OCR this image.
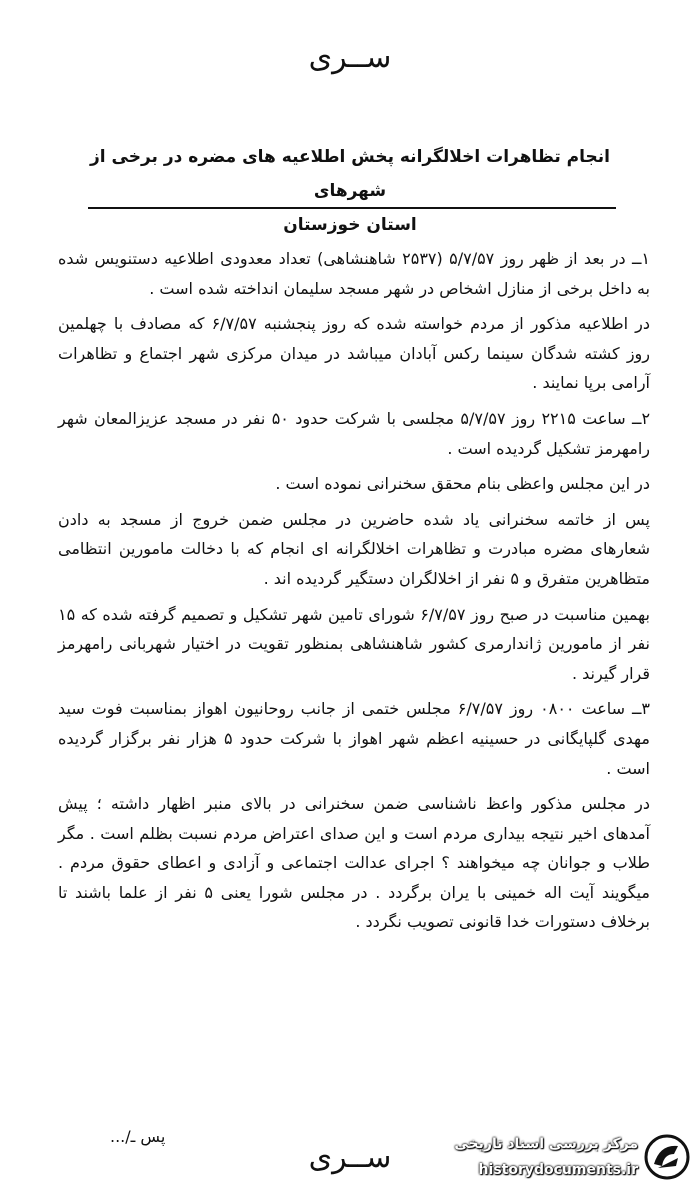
ســری
انجام تظاهرات اخلالگرانه پخش اطلاعیه های مضره در برخی از شهرهای
استان خوزستان

۱ــ در بعد از ظهر روز ۵/۷/۵۷ (۲۵۳۷ شاهنشاهی) تعداد معدودی اطلاعیه دستنویس شده به داخل برخی از منازل اشخاص در شهر مسجد سلیمان انداخته شده است .

در اطلاعیه مذکور از مردم خواسته شده که روز پنجشنبه ۶/۷/۵۷ که مصادف با چهلمین روز کشته شدگان سینما رکس آبادان میباشد در میدان مرکزی شهر اجتماع و تظاهرات آرامی برپا نمایند .

۲ــ ساعت ۲۲۱۵ روز ۵/۷/۵۷ مجلسی با شرکت حدود ۵۰ نفر در مسجد عزیزالمعان شهر رامهرمز تشکیل گردیده است .

در این مجلس واعظی بنام محقق سخنرانی نموده است .

پس از خاتمه سخنرانی یاد شده حاضرین در مجلس ضمن خروج از مسجد به دادن شعارهای مضره مبادرت و تظاهرات اخلالگرانه ای انجام که با دخالت مامورین انتظامی متظاهرین متفرق و ۵ نفر از اخلالگران دستگیر گردیده اند .

بهمین مناسبت در صبح روز ۶/۷/۵۷ شورای تامین شهر تشکیل و تصمیم گرفته شده که ۱۵ نفر از مامورین ژاندارمری کشور شاهنشاهی بمنظور تقویت در اختیار شهربانی رامهرمز قرار گیرند .

۳ــ ساعت ۰۸۰۰ روز ۶/۷/۵۷ مجلس ختمی از جانب روحانیون اهواز بمناسبت فوت سید مهدی گلپایگانی در حسینیه اعظم شهر اهواز با شرکت حدود ۵ هزار نفر برگزار گردیده است .

در مجلس مذکور واعظ ناشناسی ضمن سخنرانی در بالای منبر اظهار داشته ؛ پیش آمدهای اخیر نتیجه بیداری مردم است و این صدای اعتراض مردم نسبت بظلم است . مگر طلاب و جوانان چه میخواهند ؟ اجرای عدالت اجتماعی و آزادی و اعطای حقوق مردم . میگویند آیت اله خمینی با یران برگردد . در مجلس شورا یعنی ۵ نفر از علما باشند تا برخلاف دستورات خدا قانونی تصویب نگردد .

پس ـ/...
ســری	مرکز بررسی اسناد تاریخی
historydocuments.ir
